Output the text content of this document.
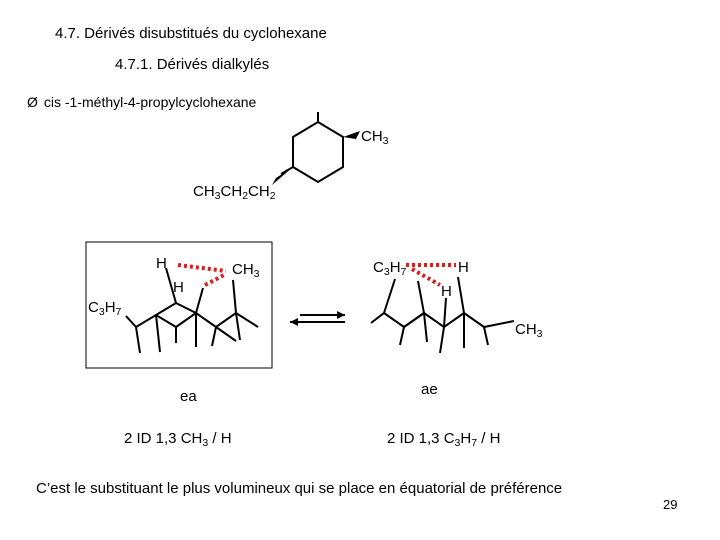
4.7. Dérivés disubstitués du cyclohexane
4.7.1. Dérivés dialkylés
Ø cis -1-méthyl-4-propylcyclohexane
$CH_3$
$CH_3CH_2CH_2$
H
H
$CH_3$
$C_3H_7$
ea
2 ID 1,3 $CH_3$ / H
$C_3H_7$	H
H
$CH_3$
ae
2 ID 1,3 $C_3H_7$ / H
C’est le substituant le plus volumineux qui se place en équatorial de préférence
29
